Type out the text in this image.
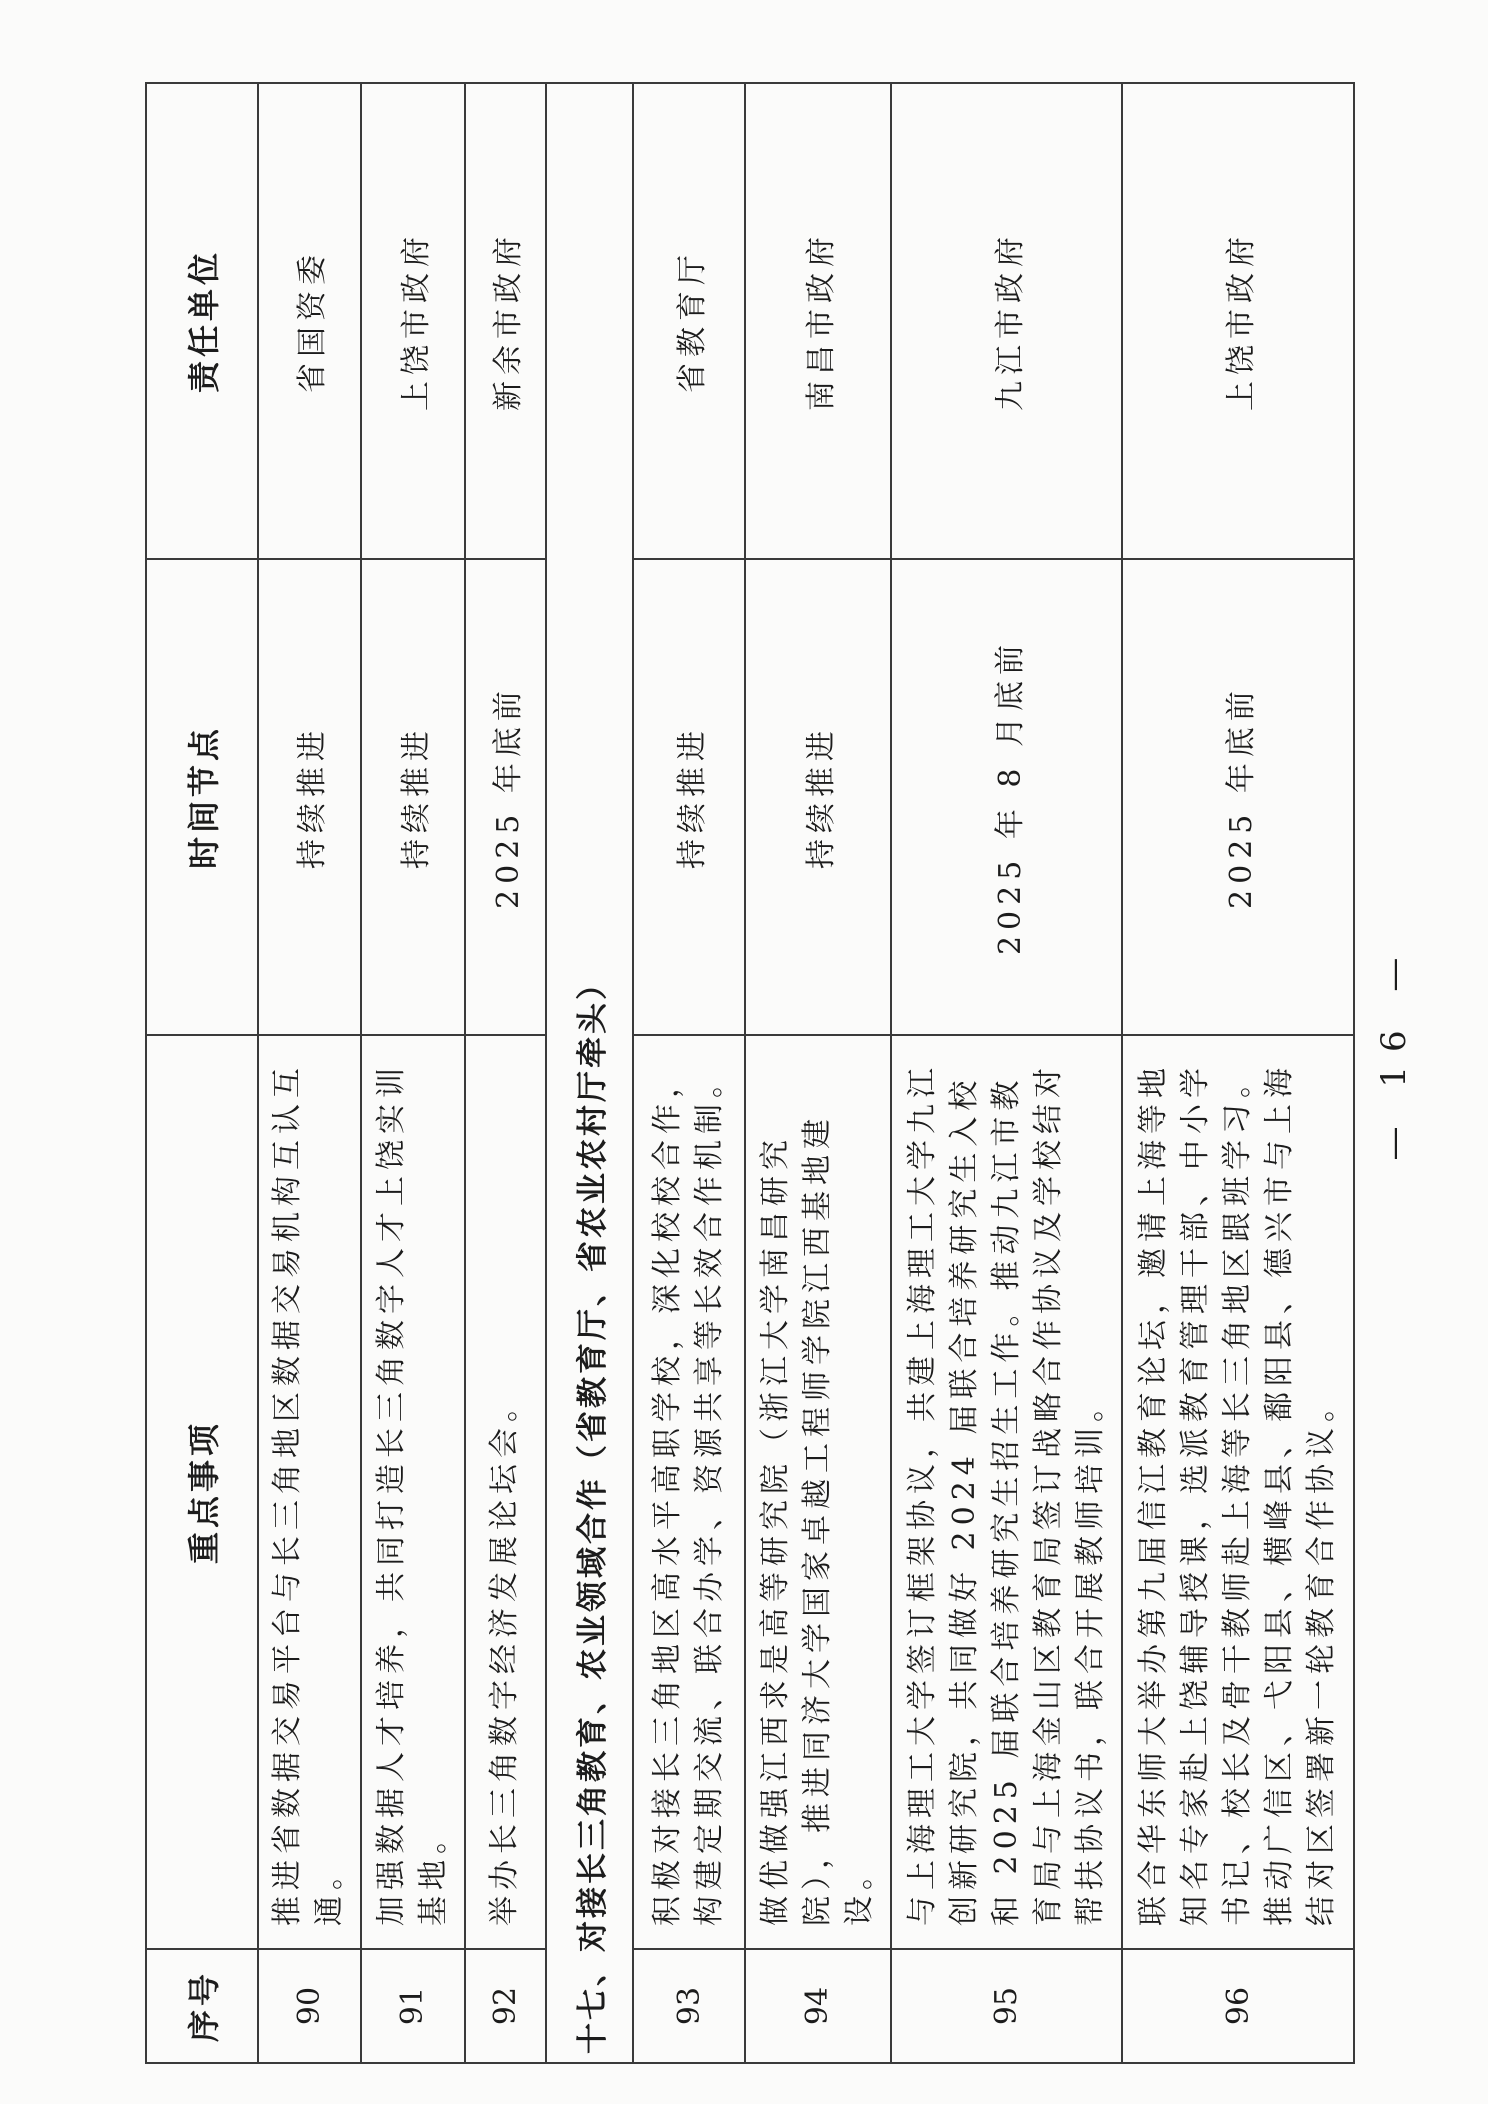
序号	重点事项	时间节点	责任单位
90	推进省数据交易平台与长三角地区数据交易机构互认互通。	持续推进	省国资委
91	加强数据人才培养，共同打造长三角数字人才上饶实训基地。	持续推进	上饶市政府
92	举办长三角数字经济发展论坛会。	2025 年底前	新余市政府
十七、对接长三角教育、农业领域合作（省教育厅、省农业农村厅牵头）			
93	积极对接长三角地区高水平高职学校，深化校校合作，构建定期交流、联合办学、资源共享等长效合作机制。	持续推进	省教育厅
94	做优做强江西求是高等研究院（浙江大学南昌研究院），推进同济大学国家卓越工程师学院江西基地建设。	持续推进	南昌市政府
95	与上海理工大学签订框架协议，共建上海理工大学九江创新研究院，共同做好 2024 届联合培养研究生入校和 2025 届联合培养研究生招生工作。推动九江市教育局与上海金山区教育局签订战略合作协议及学校结对帮扶协议书，联合开展教师培训。	2025 年 8 月底前	九江市政府
96	联合华东师大举办第九届信江教育论坛，邀请上海等地知名专家赴上饶辅导授课，选派教育管理干部、中小学书记、校长及骨干教师赴上海等长三角地区跟班学习。推动广信区、弋阳县、横峰县、鄱阳县、德兴市与上海结对区签署新一轮教育合作协议。	2025 年底前	上饶市政府
— 16 —
